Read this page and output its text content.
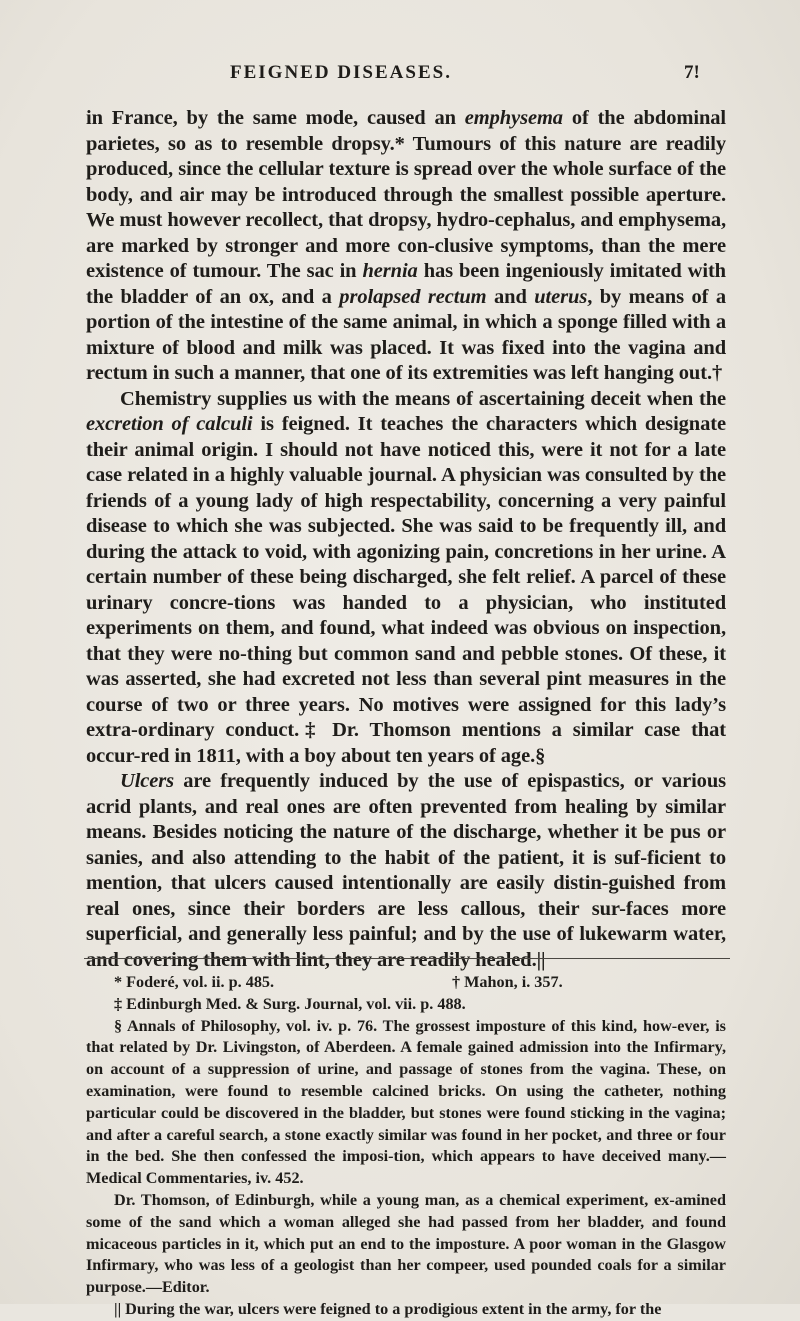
FEIGNED DISEASES.	7!

in France, by the same mode, caused an emphysema of the abdominal parietes, so as to resemble dropsy.* Tumours of this nature are readily produced, since the cellular texture is spread over the whole surface of the body, and air may be introduced through the smallest possible aperture. We must however recollect, that dropsy, hydro-cephalus, and emphysema, are marked by stronger and more con-clusive symptoms, than the mere existence of tumour. The sac in hernia has been ingeniously imitated with the bladder of an ox, and a prolapsed rectum and uterus, by means of a portion of the intestine of the same animal, in which a sponge filled with a mixture of blood and milk was placed. It was fixed into the vagina and rectum in such a manner, that one of its extremities was left hanging out.†

Chemistry supplies us with the means of ascertaining deceit when the excretion of calculi is feigned. It teaches the characters which designate their animal origin. I should not have noticed this, were it not for a late case related in a highly valuable journal. A physician was consulted by the friends of a young lady of high respectability, concerning a very painful disease to which she was subjected. She was said to be frequently ill, and during the attack to void, with agonizing pain, concretions in her urine. A certain number of these being discharged, she felt relief. A parcel of these urinary concre-tions was handed to a physician, who instituted experiments on them, and found, what indeed was obvious on inspection, that they were no-thing but common sand and pebble stones. Of these, it was asserted, she had excreted not less than several pint measures in the course of two or three years. No motives were assigned for this lady’s extra-ordinary conduct.‡ Dr. Thomson mentions a similar case that occur-red in 1811, with a boy about ten years of age.§

Ulcers are frequently induced by the use of epispastics, or various acrid plants, and real ones are often prevented from healing by similar means. Besides noticing the nature of the discharge, whether it be pus or sanies, and also attending to the habit of the patient, it is suf-ficient to mention, that ulcers caused intentionally are easily distin-guished from real ones, since their borders are less callous, their sur-faces more superficial, and generally less painful; and by the use of lukewarm water, and covering them with lint, they are readily healed.||

* Foderé, vol. ii. p. 485.	† Mahon, i. 357.

‡ Edinburgh Med. & Surg. Journal, vol. vii. p. 488.

§ Annals of Philosophy, vol. iv. p. 76. The grossest imposture of this kind, how-ever, is that related by Dr. Livingston, of Aberdeen. A female gained admission into the Infirmary, on account of a suppression of urine, and passage of stones from the vagina. These, on examination, were found to resemble calcined bricks. On using the catheter, nothing particular could be discovered in the bladder, but stones were found sticking in the vagina; and after a careful search, a stone exactly similar was found in her pocket, and three or four in the bed. She then confessed the imposi-tion, which appears to have deceived many.—Medical Commentaries, iv. 452.

Dr. Thomson, of Edinburgh, while a young man, as a chemical experiment, ex-amined some of the sand which a woman alleged she had passed from her bladder, and found micaceous particles in it, which put an end to the imposture. A poor woman in the Glasgow Infirmary, who was less of a geologist than her compeer, used pounded coals for a similar purpose.—Editor.

|| During the war, ulcers were feigned to a prodigious extent in the army, for the
